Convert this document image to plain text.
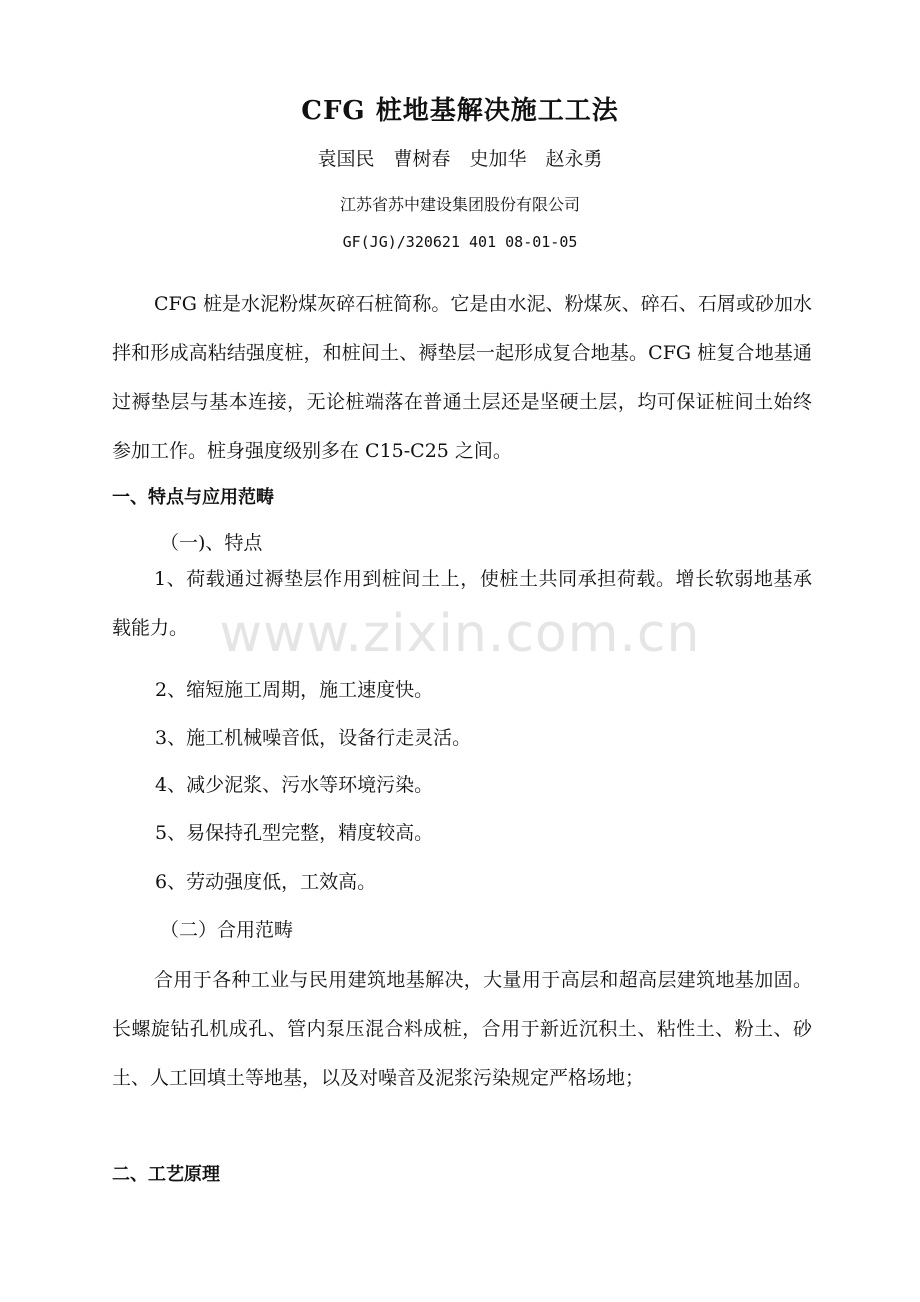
CFG 桩地基解决施工工法
袁国民　曹树春　史加华　赵永勇
江苏省苏中建设集团股份有限公司
GF(JG)/320621 401 08-01-05
CFG 桩是水泥粉煤灰碎石桩简称。它是由水泥、粉煤灰、碎石、石屑或砂加水拌和形成高粘结强度桩，和桩间土、褥垫层一起形成复合地基。CFG 桩复合地基通过褥垫层与基本连接，无论桩端落在普通土层还是坚硬土层，均可保证桩间土始终参加工作。桩身强度级别多在 C15-C25 之间。
一、特点与应用范畴
（一)、特点
1、荷载通过褥垫层作用到桩间土上，使桩土共同承担荷载。增长软弱地基承载能力。
2、缩短施工周期，施工速度快。
3、施工机械噪音低，设备行走灵活。
4、减少泥浆、污水等环境污染。
5、易保持孔型完整，精度较高。
6、劳动强度低，工效高。
（二）合用范畴
合用于各种工业与民用建筑地基解决，大量用于高层和超高层建筑地基加固。长螺旋钻孔机成孔、管内泵压混合料成桩，合用于新近沉积土、粘性土、粉土、砂土、人工回填土等地基，以及对噪音及泥浆污染规定严格场地；
二、工艺原理
www.zixin.com.cn
